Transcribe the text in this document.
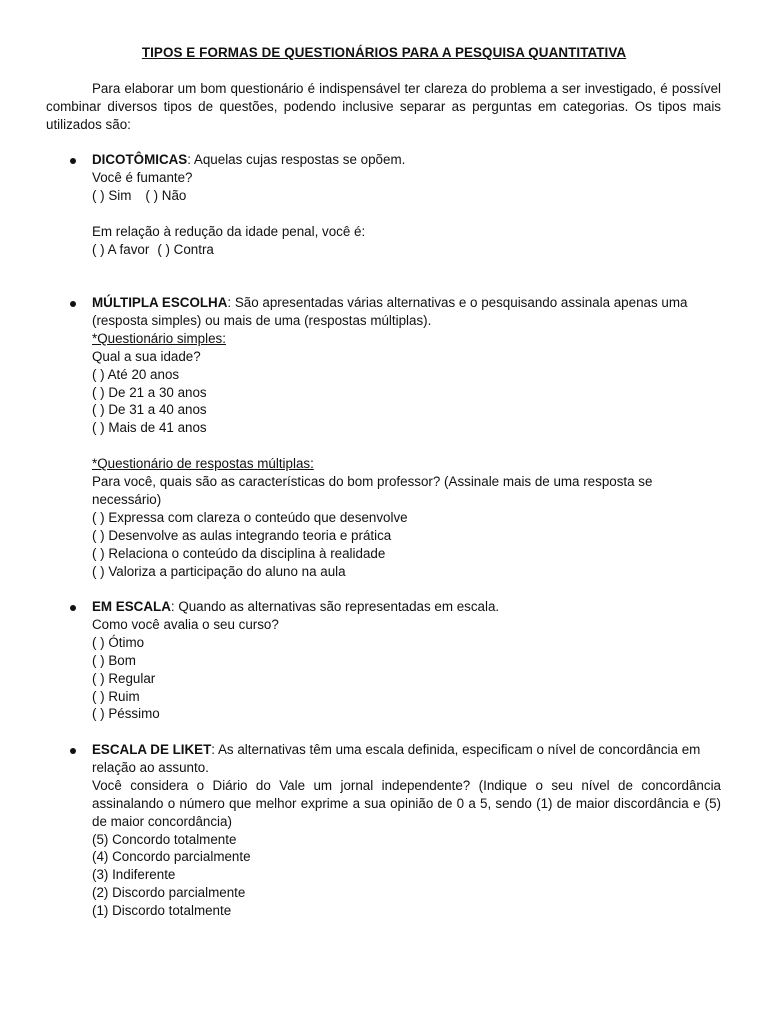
TIPOS E FORMAS DE QUESTIONÁRIOS PARA A PESQUISA QUANTITATIVA
Para elaborar um bom questionário é indispensável ter clareza do problema a ser investigado, é possível combinar diversos tipos de questões, podendo inclusive separar as perguntas em categorias. Os tipos mais utilizados são:
DICOTÔMICAS: Aquelas cujas respostas se opõem.
Você é fumante?
( ) Sim ( ) Não
Em relação à redução da idade penal, você é:
( ) A favor ( ) Contra
MÚLTIPLA ESCOLHA: São apresentadas várias alternativas e o pesquisando assinala apenas uma (resposta simples) ou mais de uma (respostas múltiplas).
*Questionário simples:
Qual a sua idade?
( ) Até 20 anos
( ) De 21 a 30 anos
( ) De 31 a 40 anos
( ) Mais de 41 anos
*Questionário de respostas múltiplas:
Para você, quais são as características do bom professor? (Assinale mais de uma resposta se necessário)
( ) Expressa com clareza o conteúdo que desenvolve
( ) Desenvolve as aulas integrando teoria e prática
( ) Relaciona o conteúdo da disciplina à realidade
( ) Valoriza a participação do aluno na aula
EM ESCALA: Quando as alternativas são representadas em escala.
Como você avalia o seu curso?
( ) Ótimo
( ) Bom
( ) Regular
( ) Ruim
( ) Péssimo
ESCALA DE LIKET: As alternativas têm uma escala definida, especificam o nível de concordância em relação ao assunto.
Você considera o Diário do Vale um jornal independente? (Indique o seu nível de concordância assinalando o número que melhor exprime a sua opinião de 0 a 5, sendo (1) de maior discordância e (5) de maior concordância)
(5) Concordo totalmente
(4) Concordo parcialmente
(3) Indiferente
(2) Discordo parcialmente
(1) Discordo totalmente
